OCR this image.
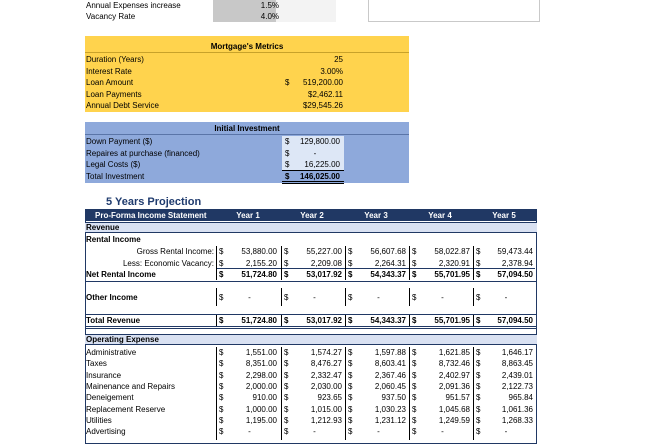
Annual Expenses increase	1.5%
Vacancy Rate	4.0%
Mortgage's Metrics
Duration (Years)	25
Interest Rate	3.00%
Loan Amount	$	519,200.00
Loan Payments	$2,462.11
Annual Debt Service	$29,545.26
Initial Investment
Down Payment ($)	$	129,800.00
Repaires at purchase (financed)	$	-
Legal Costs ($)	$	16,225.00
Total Investment	$	146,025.00
5 Years Projection
Pro-Forma Income Statement	Year 1	Year 2	Year 3	Year 4	Year 5
Revenue
Rental Income
Gross Rental Income: $	53,880.00 $	55,227.00 $	56,607.68 $	58,022.87 $	59,473.44
Less: Economic Vacancy: $	2,155.20 $	2,209.08 $	2,264.31 $	2,320.91 $	2,378.94
Net Rental Income	$	51,724.80 $	53,017.92 $	54,343.37 $	55,701.95 $	57,094.50
Other Income	$	-	$	-	$	-	$	-	$	-
Total Revenue	$	51,724.80 $	53,017.92 $	54,343.37 $	55,701.95 $	57,094.50
Operating Expense
Administrative	$	1,551.00 $	1,574.27 $	1,597.88 $	1,621.85 $	1,646.17
Taxes	$	8,351.00 $	8,476.27 $	8,603.41 $	8,732.46 $	8,863.45
Insurance	$	2,298.00 $	2,332.47 $	2,367.46 $	2,402.97 $	2,439.01
Mainenance and Repairs	$	2,000.00 $	2,030.00 $	2,060.45 $	2,091.36 $	2,122.73
Deneigement	$	910.00 $	923.65 $	937.50 $	951.57 $	965.84
Replacement Reserve	$	1,000.00 $	1,015.00 $	1,030.23 $	1,045.68 $	1,061.36
Utilities	$	1,195.00 $	1,212.93 $	1,231.12 $	1,249.59 $	1,268.33
Advertising	$	-	$	-	$	-	$	-	$	-
